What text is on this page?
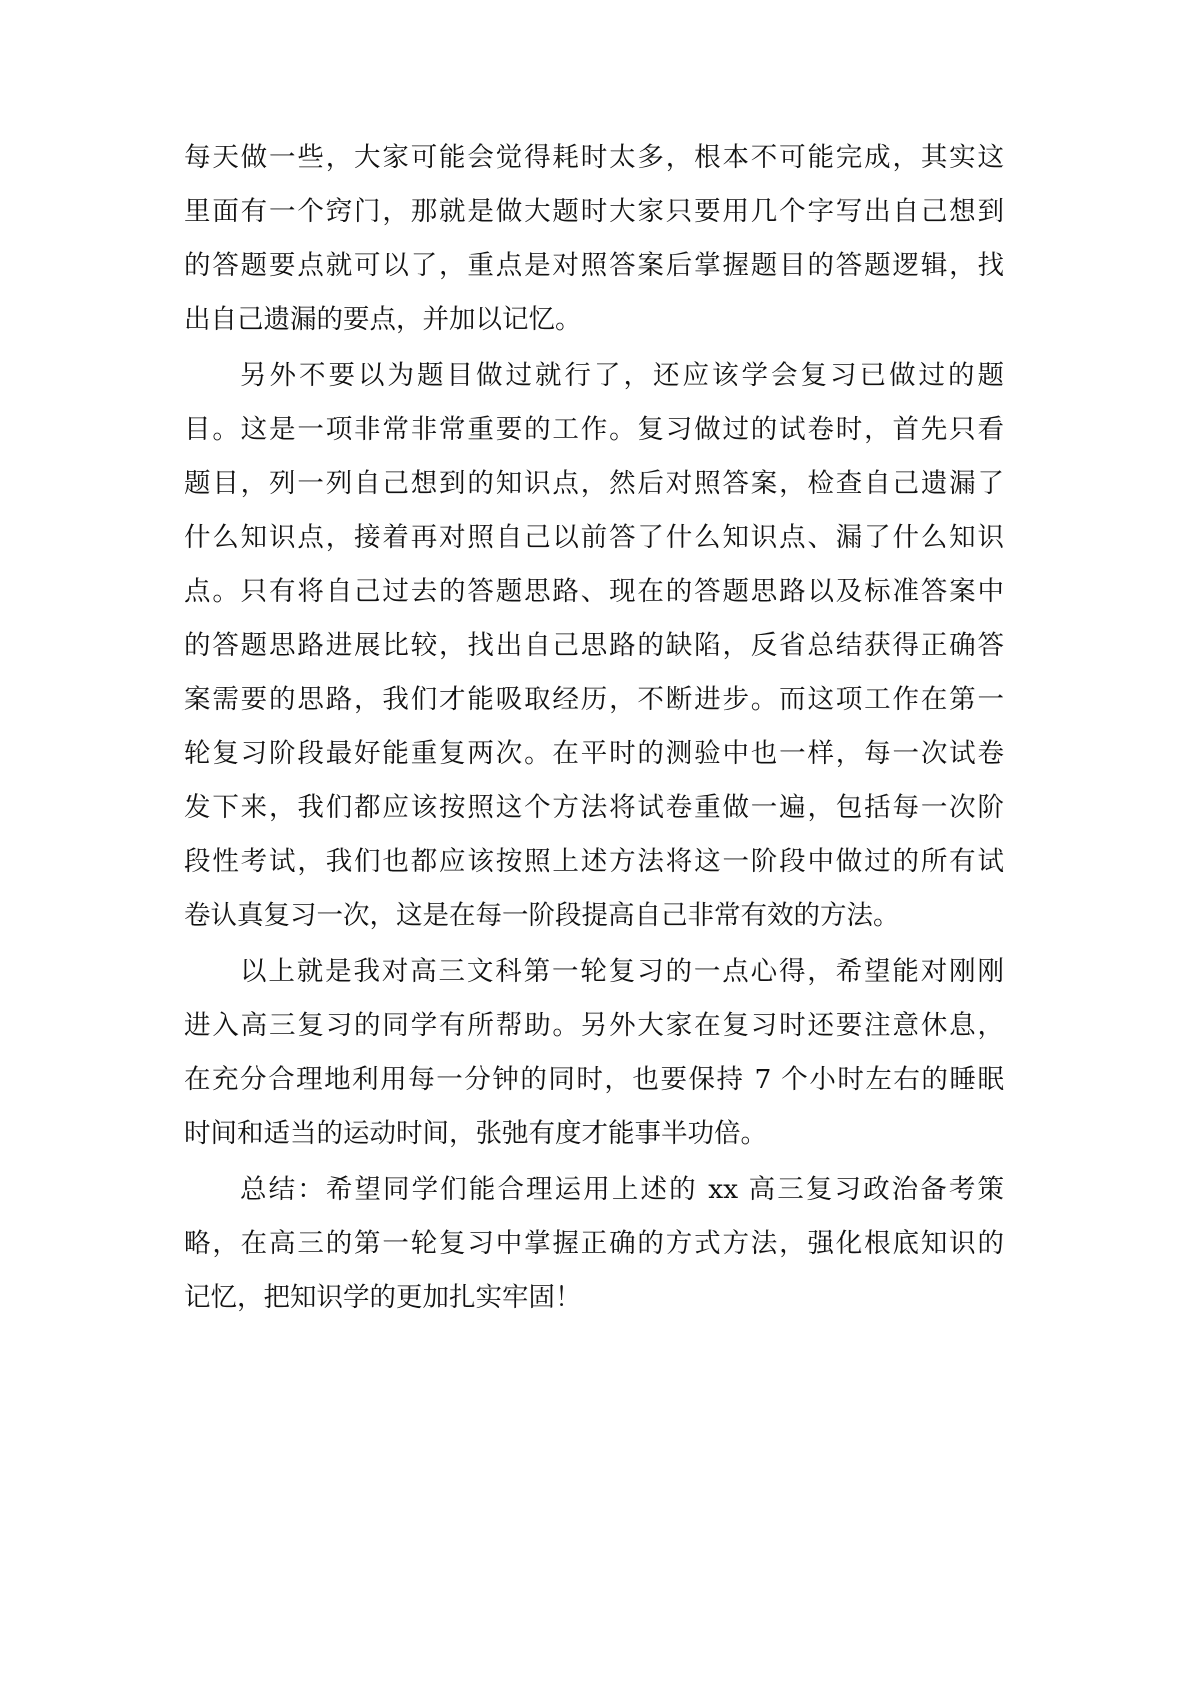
每天做一些，大家可能会觉得耗时太多，根本不可能完成，其实这
里面有一个窍门，那就是做大题时大家只要用几个字写出自己想到
的答题要点就可以了，重点是对照答案后掌握题目的答题逻辑，找
出自己遗漏的要点，并加以记忆。
另外不要以为题目做过就行了，还应该学会复习已做过的题
目。这是一项非常非常重要的工作。复习做过的试卷时，首先只看
题目，列一列自己想到的知识点，然后对照答案，检查自己遗漏了
什么知识点，接着再对照自己以前答了什么知识点、漏了什么知识
点。只有将自己过去的答题思路、现在的答题思路以及标准答案中
的答题思路进展比较，找出自己思路的缺陷，反省总结获得正确答
案需要的思路，我们才能吸取经历，不断进步。而这项工作在第一
轮复习阶段最好能重复两次。在平时的测验中也一样，每一次试卷
发下来，我们都应该按照这个方法将试卷重做一遍，包括每一次阶
段性考试，我们也都应该按照上述方法将这一阶段中做过的所有试
卷认真复习一次，这是在每一阶段提高自己非常有效的方法。
以上就是我对高三文科第一轮复习的一点心得，希望能对刚刚
进入高三复习的同学有所帮助。另外大家在复习时还要注意休息，
在充分合理地利用每一分钟的同时，也要保持 7 个小时左右的睡眠
时间和适当的运动时间，张弛有度才能事半功倍。
总结：希望同学们能合理运用上述的 xx 高三复习政治备考策
略，在高三的第一轮复习中掌握正确的方式方法，强化根底知识的
记忆，把知识学的更加扎实牢固！
